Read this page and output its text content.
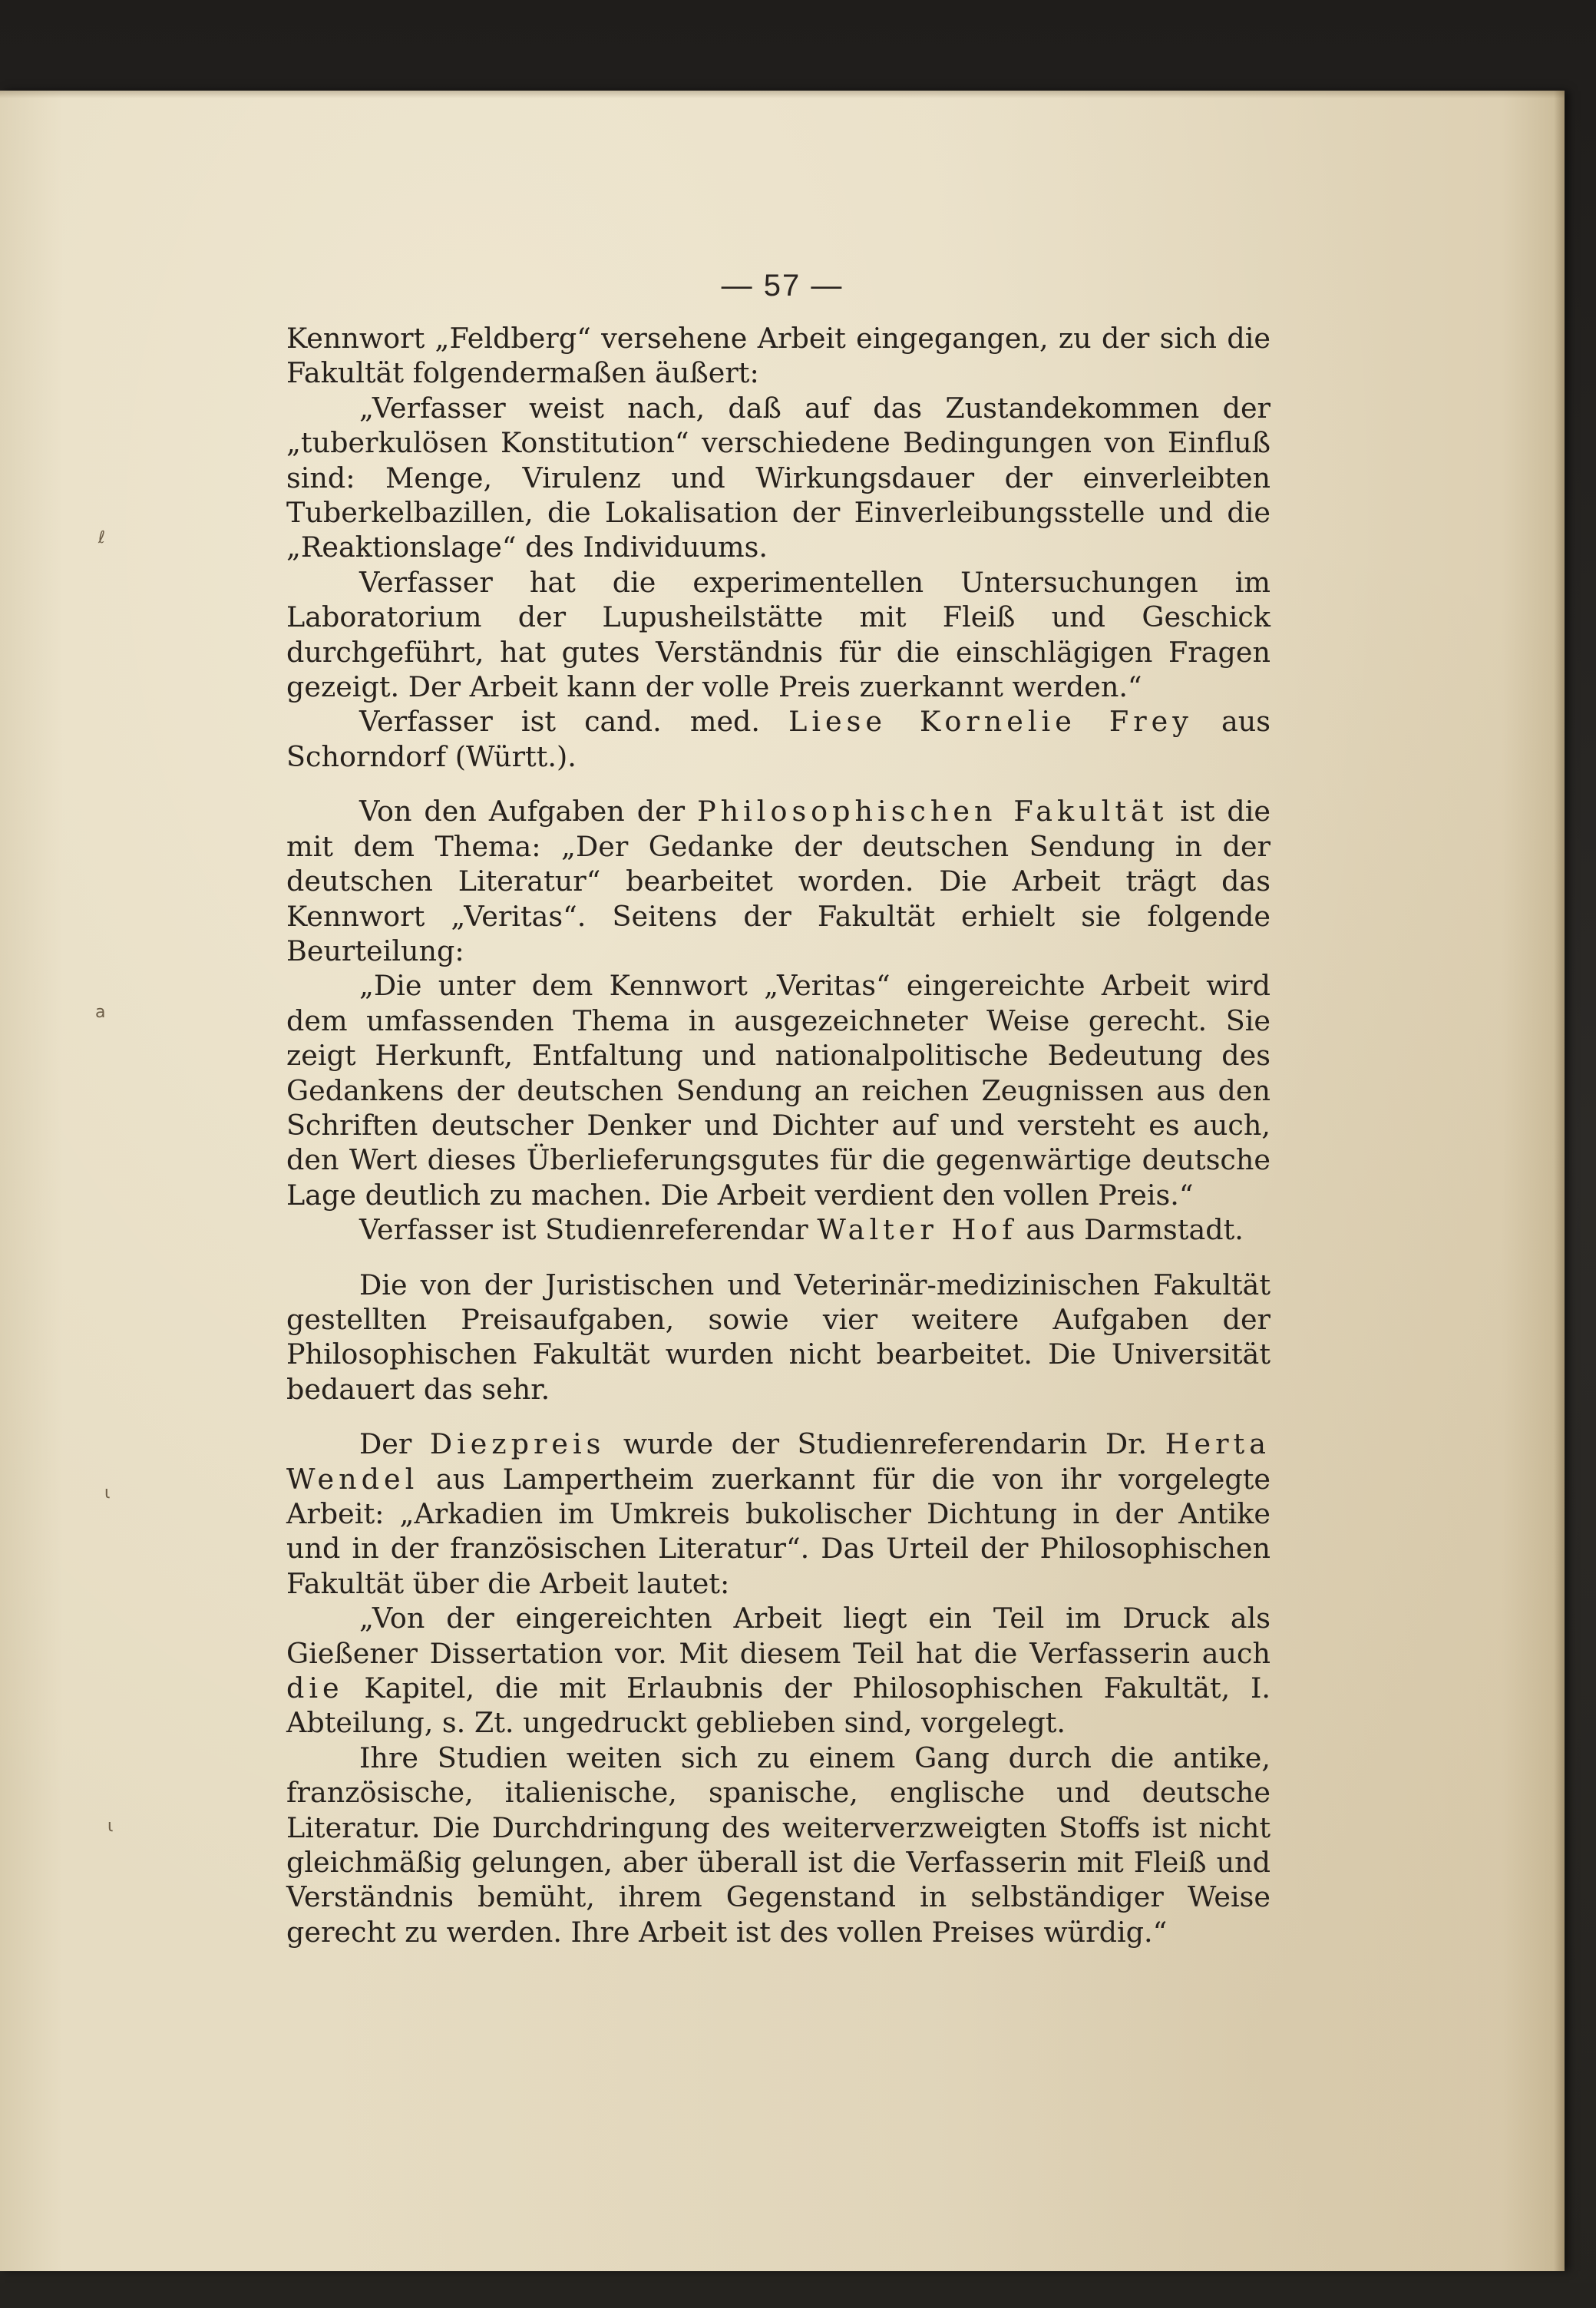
ℓ
a
ι
ι
— 57 —

Kennwort „Feldberg“ versehene Arbeit eingegangen, zu der sich die Fakultät folgendermaßen äußert:

„Verfasser weist nach, daß auf das Zustandekommen der „tuberkulösen Konstitution“ verschiedene Bedingungen von Einfluß sind: Menge, Virulenz und Wirkungsdauer der einverleibten Tuberkelbazillen, die Lokalisation der Einverleibungsstelle und die „Reaktionslage“ des Individuums.

Verfasser hat die experimentellen Untersuchungen im Laboratorium der Lupusheilstätte mit Fleiß und Geschick durchgeführt, hat gutes Verständnis für die einschlägigen Fragen gezeigt. Der Arbeit kann der volle Preis zuerkannt werden.“

Verfasser ist cand. med. Liese Kornelie Frey aus Schorndorf (Württ.).

Von den Aufgaben der Philosophischen Fakultät ist die mit dem Thema: „Der Gedanke der deutschen Sendung in der deutschen Literatur“ bearbeitet worden. Die Arbeit trägt das Kennwort „Veritas“. Seitens der Fakultät erhielt sie folgende Beurteilung:

„Die unter dem Kennwort „Veritas“ eingereichte Arbeit wird dem umfassenden Thema in ausgezeichneter Weise gerecht. Sie zeigt Herkunft, Entfaltung und nationalpolitische Bedeutung des Gedankens der deutschen Sendung an reichen Zeugnissen aus den Schriften deutscher Denker und Dichter auf und versteht es auch, den Wert dieses Überlieferungsgutes für die gegenwärtige deutsche Lage deutlich zu machen. Die Arbeit verdient den vollen Preis.“

Verfasser ist Studienreferendar Walter Hof aus Darmstadt.

Die von der Juristischen und Veterinär-medizinischen Fakultät gestellten Preisaufgaben, sowie vier weitere Aufgaben der Philosophischen Fakultät wurden nicht bearbeitet. Die Universität bedauert das sehr.

Der Diezpreis wurde der Studienreferendarin Dr. Herta Wendel aus Lampertheim zuerkannt für die von ihr vorgelegte Arbeit: „Arkadien im Umkreis bukolischer Dichtung in der Antike und in der französischen Literatur“. Das Urteil der Philosophischen Fakultät über die Arbeit lautet:

„Von der eingereichten Arbeit liegt ein Teil im Druck als Gießener Dissertation vor. Mit diesem Teil hat die Verfasserin auch die Kapitel, die mit Erlaubnis der Philosophischen Fakultät, I. Abteilung, s. Zt. ungedruckt geblieben sind, vorgelegt.

Ihre Studien weiten sich zu einem Gang durch die antike, französische, italienische, spanische, englische und deutsche Literatur. Die Durchdringung des weiterverzweigten Stoffs ist nicht gleichmäßig gelungen, aber überall ist die Verfasserin mit Fleiß und Verständnis bemüht, ihrem Gegenstand in selbständiger Weise gerecht zu werden. Ihre Arbeit ist des vollen Preises würdig.“
